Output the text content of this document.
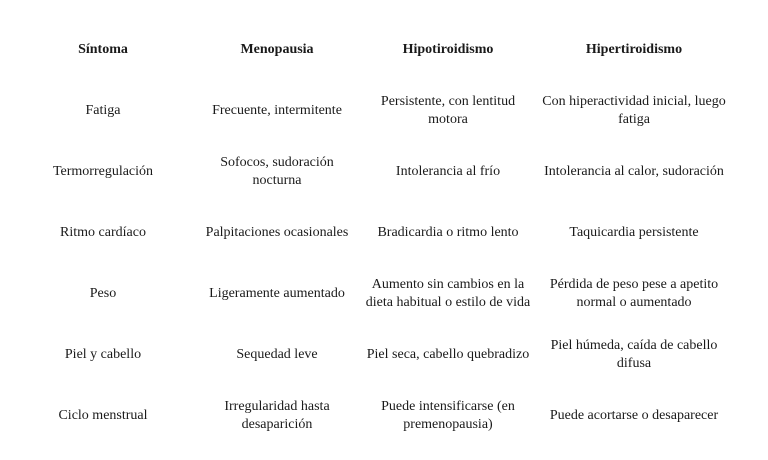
Síntoma	Menopausia	Hipotiroidismo	Hipertiroidismo
Fatiga	Frecuente, intermitente	Persistente, con lentitud motora	Con hiperactividad inicial, luego fatiga
Termorregulación	Sofocos, sudoración nocturna	Intolerancia al frío	Intolerancia al calor, sudoración
Ritmo cardíaco	Palpitaciones ocasionales	Bradicardia o ritmo lento	Taquicardia persistente
Peso	Ligeramente aumentado	Aumento sin cambios en la dieta habitual o estilo de vida	Pérdida de peso pese a apetito normal o aumentado
Piel y cabello	Sequedad leve	Piel seca, cabello quebradizo	Piel húmeda, caída de cabello difusa
Ciclo menstrual	Irregularidad hasta desaparición	Puede intensificarse (en premenopausia)	Puede acortarse o desaparecer
